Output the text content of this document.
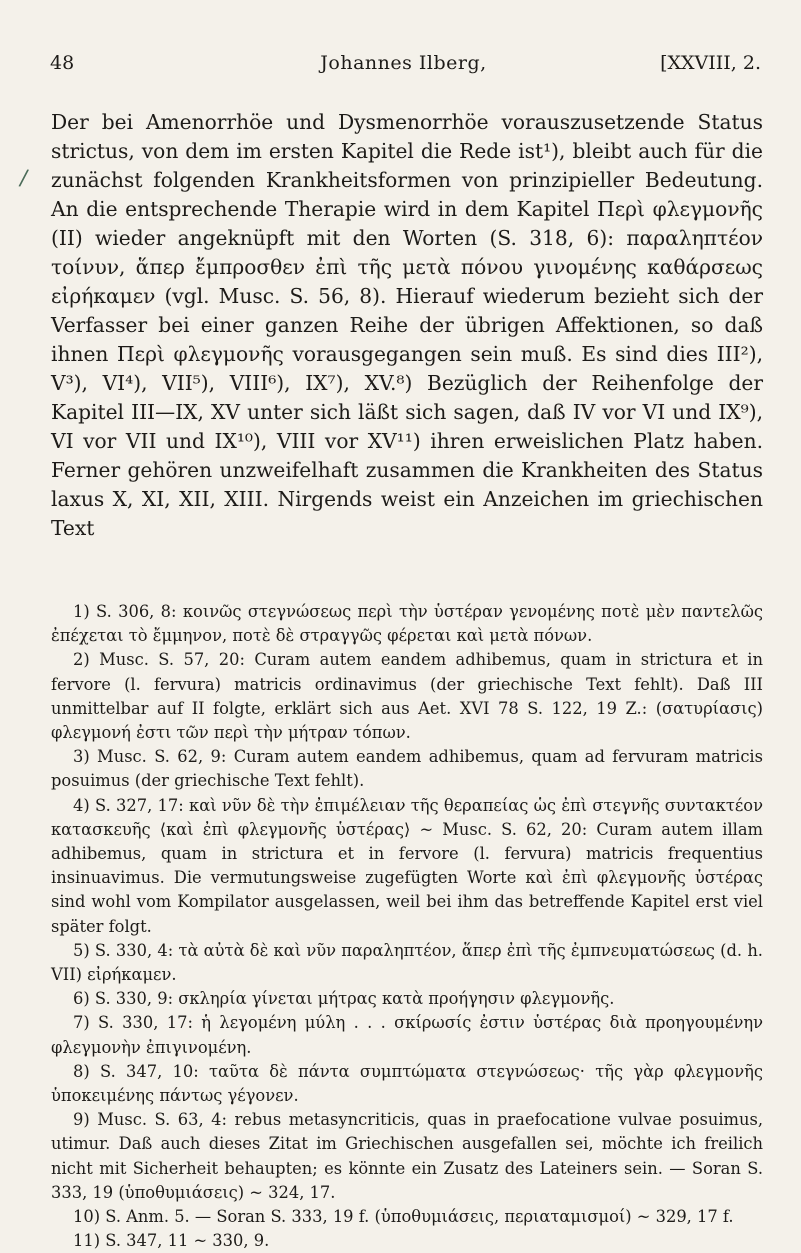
48	Johannes Ilberg,	[XXVIII, 2.
/

Der bei Amenorrhöe und Dysmenorrhöe vorauszusetzende Status strictus, von dem im ersten Kapitel die Rede ist¹), bleibt auch für die zunächst folgenden Krankheitsformen von prinzipieller Bedeutung. An die entsprechende Therapie wird in dem Kapitel Περὶ φλεγμονῆς (II) wieder angeknüpft mit den Worten (S. 318, 6): παραληπτέον τοίνυν, ἅπερ ἔμπροσθεν ἐπὶ τῆς μετὰ πόνου γινομένης καθάρσεως εἰρήκαμεν (vgl. Musc. S. 56, 8). Hierauf wiederum bezieht sich der Verfasser bei einer ganzen Reihe der übrigen Affektionen, so daß ihnen Περὶ φλεγμονῆς vorausgegangen sein muß. Es sind dies III²), V³), VI⁴), VII⁵), VIII⁶), IX⁷), XV.⁸) Bezüglich der Reihenfolge der Kapitel III—IX, XV unter sich läßt sich sagen, daß IV vor VI und IX⁹), VI vor VII und IX¹⁰), VIII vor XV¹¹) ihren erweislichen Platz haben. Ferner gehören unzweifelhaft zusammen die Krankheiten des Status laxus X, XI, XII, XIII. Nirgends weist ein Anzeichen im griechischen Text

1) S. 306, 8: κοινῶς στεγνώσεως περὶ τὴν ὑστέραν γενομένης ποτὲ μὲν παντελῶς ἐπέχεται τὸ ἔμμηνον, ποτὲ δὲ στραγγῶς φέρεται καὶ μετὰ πόνων.

2) Musc. S. 57, 20: Curam autem eandem adhibemus, quam in strictura et in fervore (l. fervura) matricis ordinavimus (der griechische Text fehlt). Daß III unmittelbar auf II folgte, erklärt sich aus Aet. XVI 78 S. 122, 19 Z.: (σατυρίασις) φλεγμονή ἐστι τῶν περὶ τὴν μήτραν τόπων.

3) Musc. S. 62, 9: Curam autem eandem adhibemus, quam ad fervuram matricis posuimus (der griechische Text fehlt).

4) S. 327, 17: καὶ νῦν δὲ τὴν ἐπιμέλειαν τῆς θεραπείας ὡς ἐπὶ στεγνῆς συντακτέον κατασκευῆς ⟨καὶ ἐπὶ φλεγμονῆς ὑστέρας⟩ ~ Musc. S. 62, 20: Curam autem illam adhibemus, quam in strictura et in fervore (l. fervura) matricis frequentius insinuavimus. Die vermutungsweise zugefügten Worte καὶ ἐπὶ φλεγμονῆς ὑστέρας sind wohl vom Kompilator ausgelassen, weil bei ihm das betreffende Kapitel erst viel später folgt.

5) S. 330, 4: τὰ αὐτὰ δὲ καὶ νῦν παραληπτέον, ἅπερ ἐπὶ τῆς ἐμπνευματώσεως (d. h. VII) εἰρήκαμεν.

6) S. 330, 9: σκληρία γίνεται μήτρας κατὰ προήγησιν φλεγμονῆς.

7) S. 330, 17: ἡ λεγομένη μύλη . . . σκίρωσίς ἐστιν ὑστέρας διὰ προηγουμένην φλεγμονὴν ἐπιγινομένη.

8) S. 347, 10: ταῦτα δὲ πάντα συμπτώματα στεγνώσεως· τῆς γὰρ φλεγμονῆς ὑποκειμένης πάντως γέγονεν.

9) Musc. S. 63, 4: rebus metasyncriticis, quas in praefocatione vulvae posuimus, utimur. Daß auch dieses Zitat im Griechischen ausgefallen sei, möchte ich freilich nicht mit Sicherheit behaupten; es könnte ein Zusatz des Lateiners sein. — Soran S. 333, 19 (ὑποθυμιάσεις) ~ 324, 17.

10) S. Anm. 5. — Soran S. 333, 19 f. (ὑποθυμιάσεις, περιαταμισμοί) ~ 329, 17 f.

11) S. 347, 11 ~ 330, 9.
